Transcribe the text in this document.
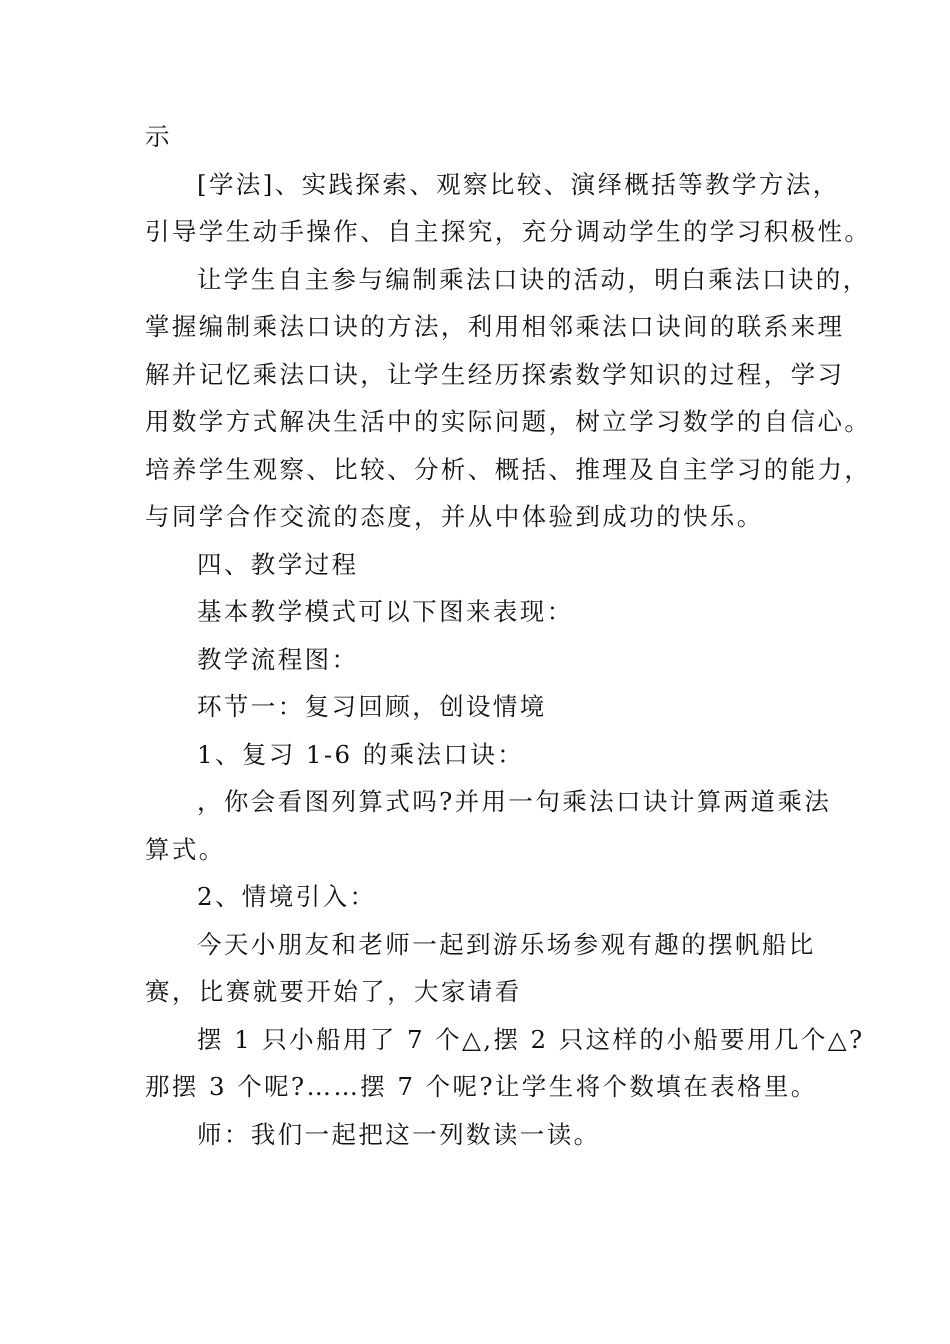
示

[学法]、实践探索、观察比较、演绎概括等教学方法，

引导学生动手操作、自主探究，充分调动学生的学习积极性。

让学生自主参与编制乘法口诀的活动，明白乘法口诀的，

掌握编制乘法口诀的方法，利用相邻乘法口诀间的联系来理

解并记忆乘法口诀，让学生经历探索数学知识的过程，学习

用数学方式解决生活中的实际问题，树立学习数学的自信心。

培养学生观察、比较、分析、概括、推理及自主学习的能力，

与同学合作交流的态度，并从中体验到成功的快乐。

四、教学过程

基本教学模式可以下图来表现：

教学流程图：

环节一：复习回顾，创设情境

1、复习 1-6 的乘法口诀：

，你会看图列算式吗?并用一句乘法口诀计算两道乘法

算式。

2、情境引入：

今天小朋友和老师一起到游乐场参观有趣的摆帆船比

赛，比赛就要开始了，大家请看

摆 1 只小船用了 7 个△,摆 2 只这样的小船要用几个△?

那摆 3 个呢?……摆 7 个呢?让学生将个数填在表格里。

师：我们一起把这一列数读一读。
